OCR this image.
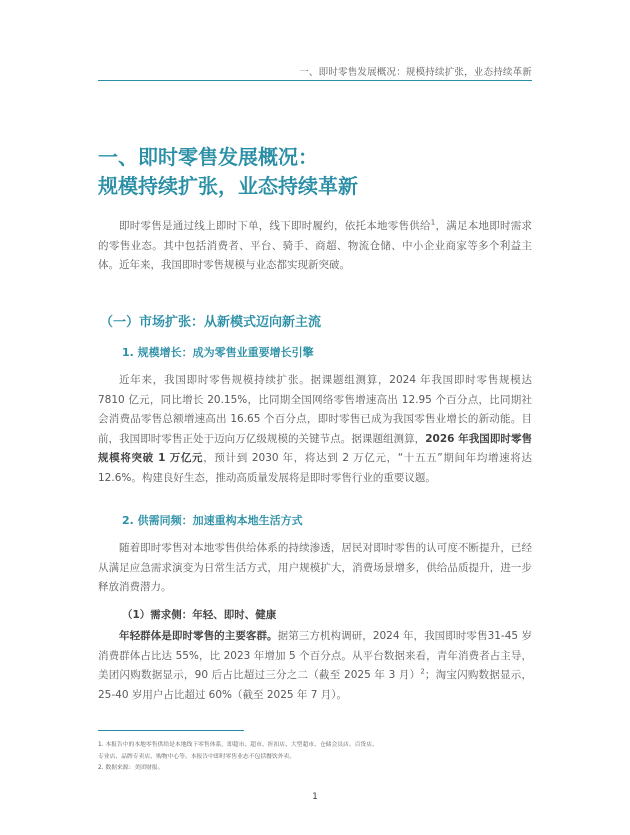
一、即时零售发展概况：规模持续扩张，业态持续革新
一、即时零售发展概况：
规模持续扩张，业态持续革新

即时零售是通过线上即时下单，线下即时履约，依托本地零售供给$^1$，满足本地即时需求的零售业态。其中包括消费者、平台、骑手、商超、物流仓储、中小企业商家等多个利益主体。近年来，我国即时零售规模与业态都实现新突破。

（一）市场扩张：从新模式迈向新主流
1. 规模增长：成为零售业重要增长引擎

近年来，我国即时零售规模持续扩张。据课题组测算，2024 年我国即时零售规模达7810 亿元，同比增长 20.15%，比同期全国网络零售增速高出 12.95 个百分点，比同期社会消费品零售总额增速高出 16.65 个百分点，即时零售已成为我国零售业增长的新动能。目前，我国即时零售正处于迈向万亿级规模的关键节点。据课题组测算，2026 年我国即时零售规模将突破 1 万亿元，预计到 2030 年，将达到 2 万亿元，“十五五”期间年均增速将达 12.6%。构建良好生态，推动高质量发展将是即时零售行业的重要议题。

2. 供需同频：加速重构本地生活方式

随着即时零售对本地零售供给体系的持续渗透，居民对即时零售的认可度不断提升，已经从满足应急需求演变为日常生活方式，用户规模扩大，消费场景增多，供给品质提升，进一步释放消费潜力。

（1）需求侧：年轻、即时、健康

年轻群体是即时零售的主要客群。据第三方机构调研，2024 年，我国即时零售31-45 岁消费群体占比达 55%，比 2023 年增加 5 个百分点。从平台数据来看，青年消费者占主导，美团闪购数据显示，90 后占比超过三分之二（截至 2025 年 3 月）$^2$；淘宝闪购数据显示，25-40 岁用户占比超过 60%（截至 2025 年 7 月）。

1. 本报告中的本地零售供给是本地线下零售体系，即超市、超市、折扣店、大型超市、仓储会员店、百货店、

专业店、品牌专卖店、购物中心等。本报告中即时零售业态不包括餐饮外卖。

2. 数据来源：美团财报。

1
